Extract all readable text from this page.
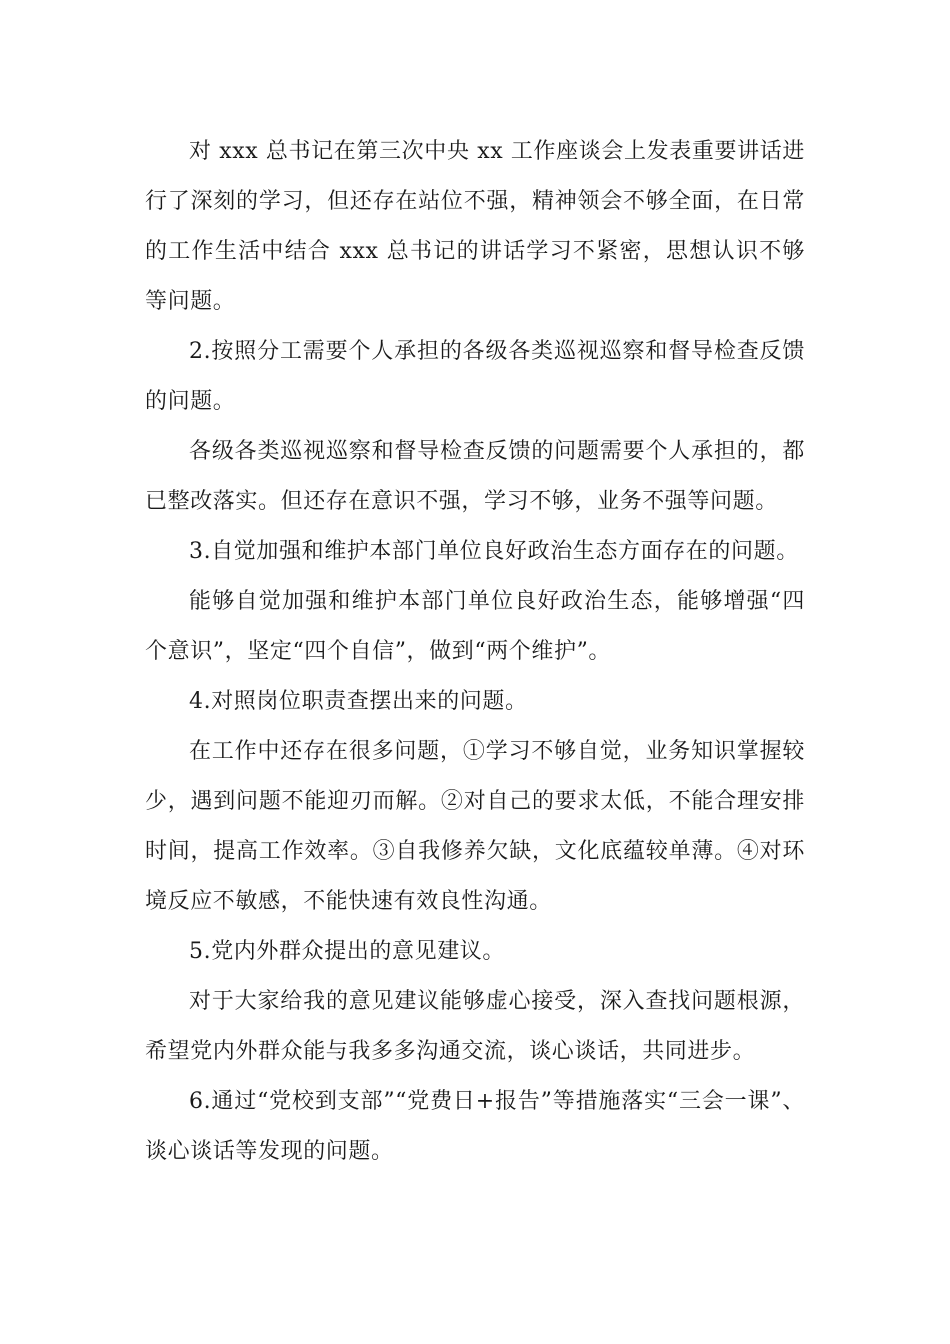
对 xxx 总书记在第三次中央 xx 工作座谈会上发表重要讲话进行了深刻的学习，但还存在站位不强，精神领会不够全面，在日常的工作生活中结合 xxx 总书记的讲话学习不紧密，思想认识不够等问题。

2.按照分工需要个人承担的各级各类巡视巡察和督导检查反馈的问题。

各级各类巡视巡察和督导检查反馈的问题需要个人承担的，都已整改落实。但还存在意识不强，学习不够，业务不强等问题。

3.自觉加强和维护本部门单位良好政治生态方面存在的问题。

能够自觉加强和维护本部门单位良好政治生态，能够增强“四个意识”，坚定“四个自信”，做到“两个维护”。

4.对照岗位职责查摆出来的问题。

在工作中还存在很多问题，①学习不够自觉，业务知识掌握较少，遇到问题不能迎刃而解。②对自己的要求太低，不能合理安排时间，提高工作效率。③自我修养欠缺，文化底蕴较单薄。④对环境反应不敏感，不能快速有效良性沟通。

5.党内外群众提出的意见建议。

对于大家给我的意见建议能够虚心接受，深入查找问题根源，希望党内外群众能与我多多沟通交流，谈心谈话，共同进步。

6.通过“党校到支部”“党费日+报告”等措施落实“三会一课”、谈心谈话等发现的问题。
